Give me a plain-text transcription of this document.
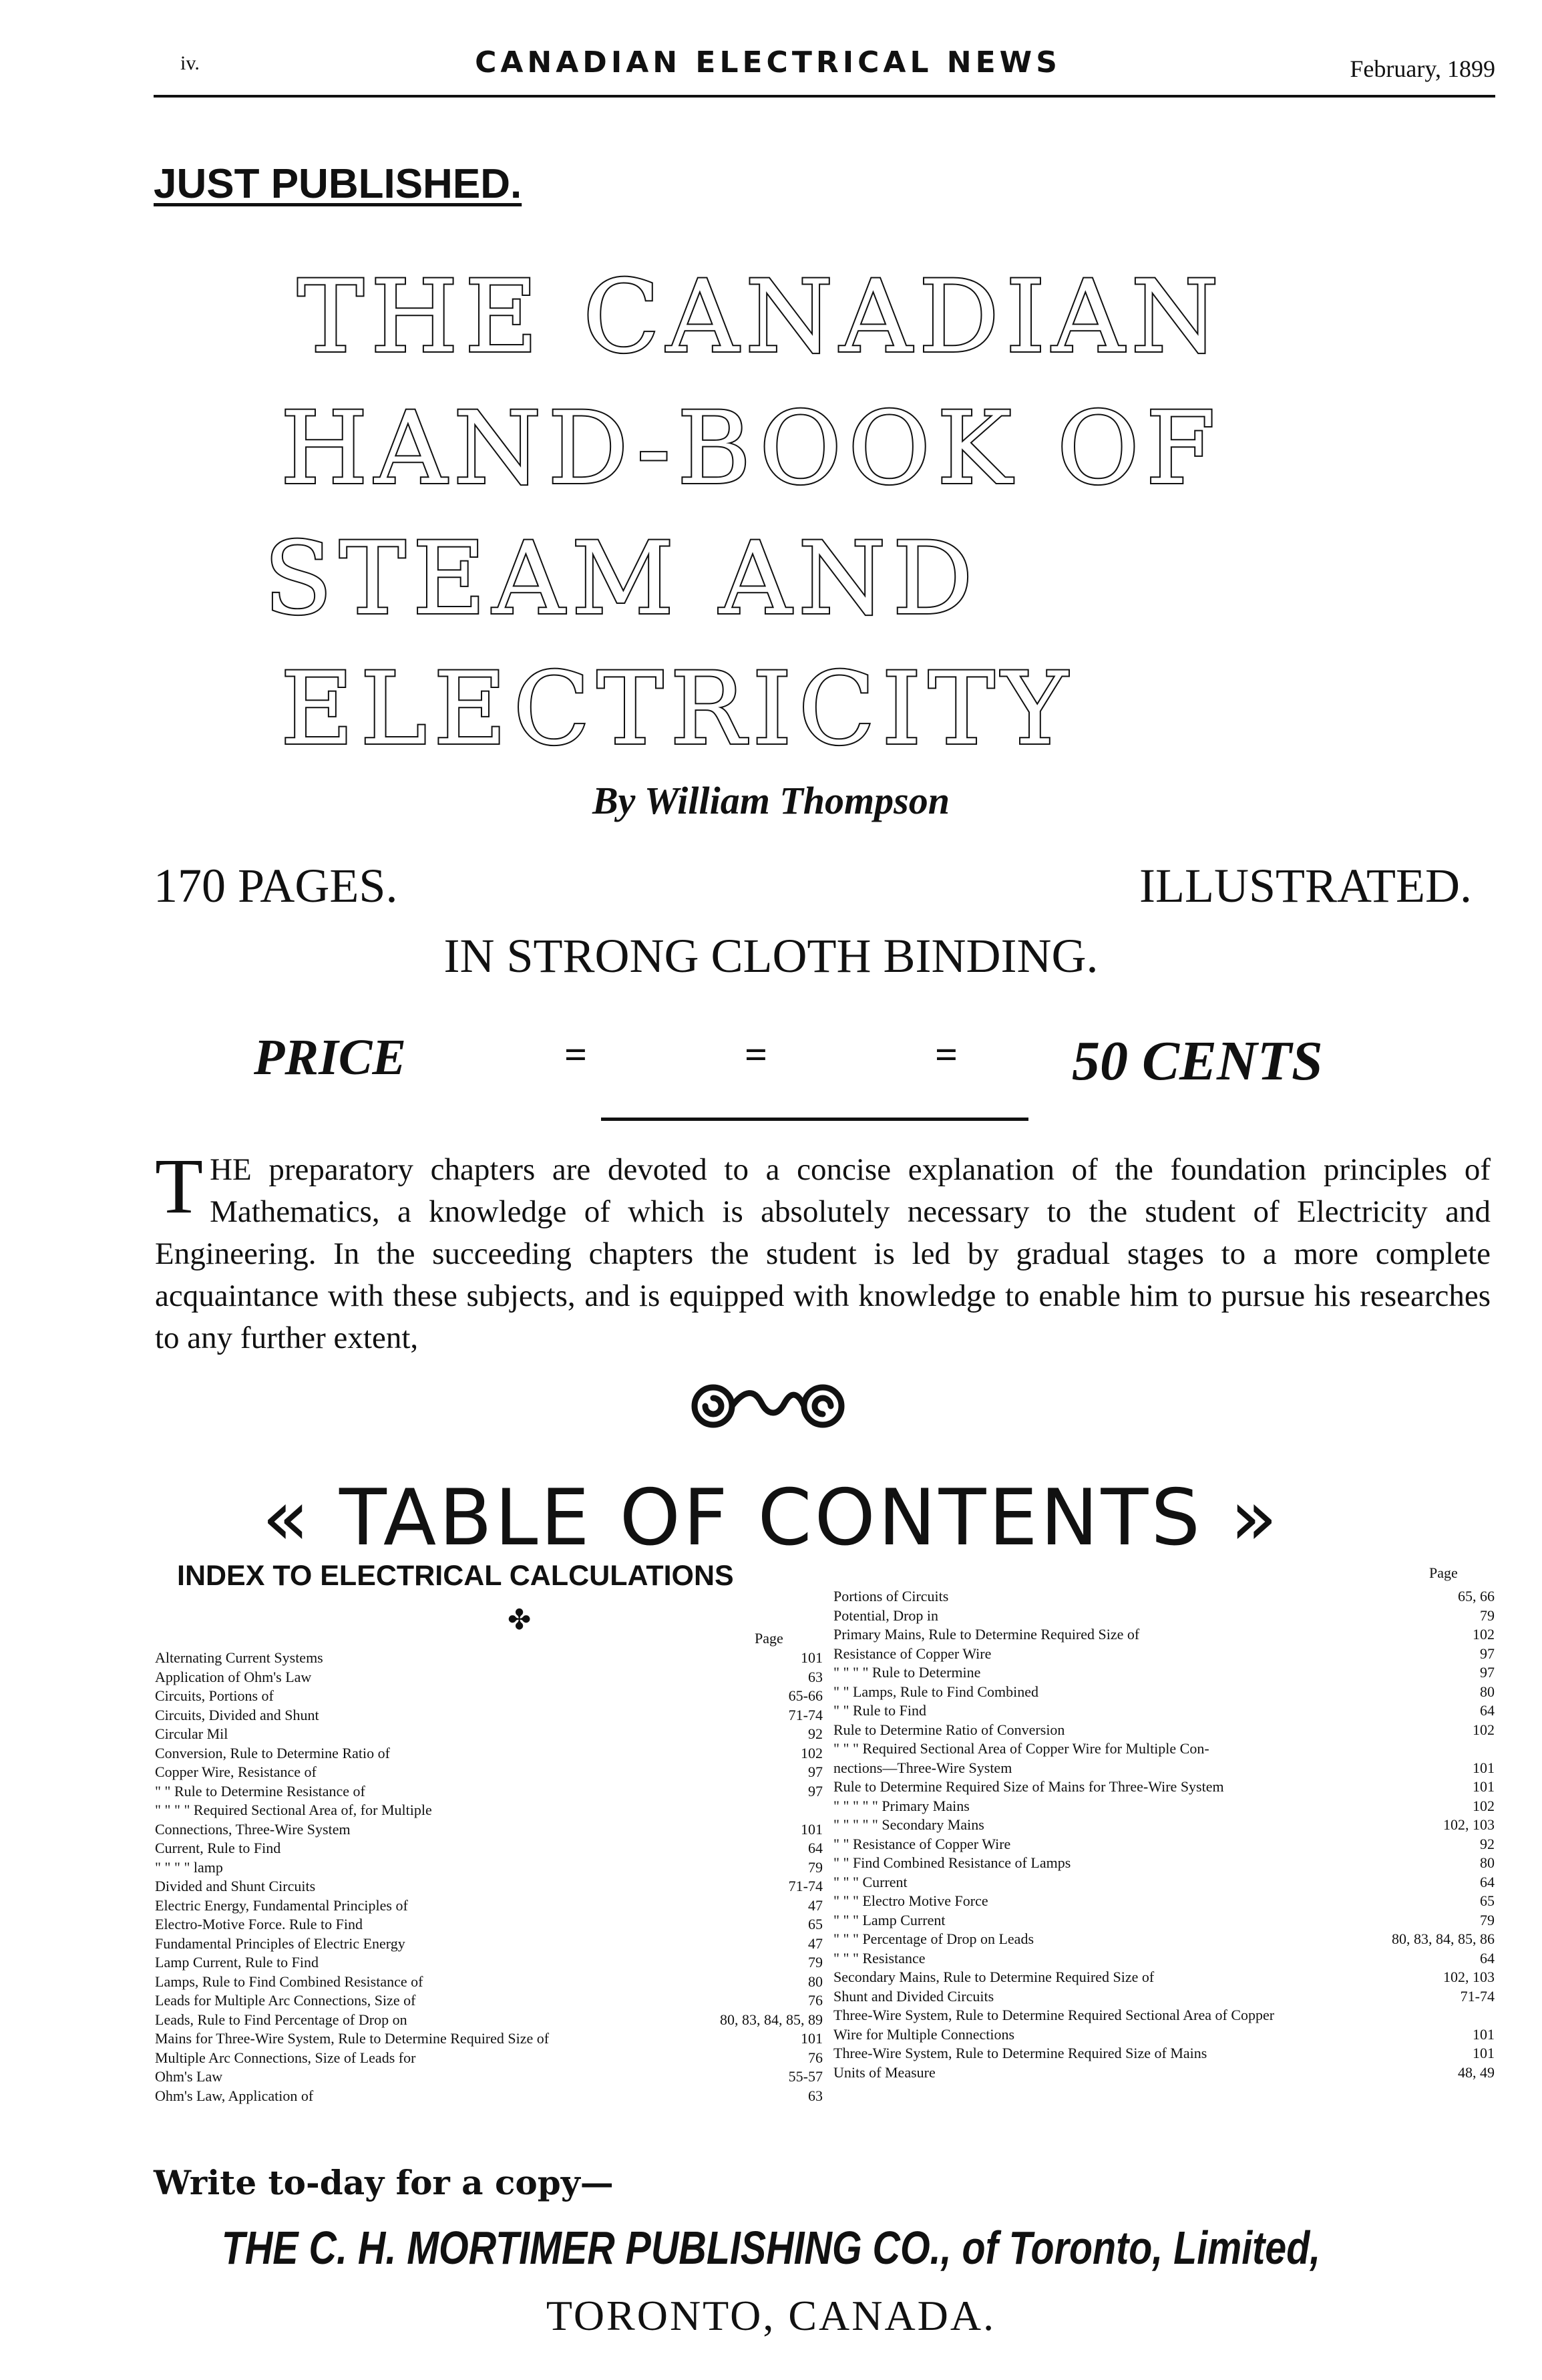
iv.	CANADIAN ELECTRICAL NEWS	February, 1899
JUST PUBLISHED.
THE CANADIAN
HAND-BOOK OF
STEAM AND
ELECTRICITY
By William Thompson
170 PAGES.	ILLUSTRATED.
IN STRONG CLOTH BINDING.
PRICE	=	=	= 50 CENTS
THE preparatory chapters are devoted to a concise explanation of the foundation principles of Mathematics, a knowledge of which is absolutely necessary to the student of Electricity and Engineering. In the succeeding chapters the student is led by gradual stages to a more complete acquaintance with these subjects, and is equipped with knowledge to enable him to pursue his researches to any further extent,
« TABLE OF CONTENTS »
INDEX TO ELECTRICAL CALCULATIONS
✤
Page
Page
Alternating Current Systems	101
Application of Ohm's Law	63
Circuits, Portions of	65-66
Circuits, Divided and Shunt	71-74
Circular Mil	92
Conversion, Rule to Determine Ratio of	102
Copper Wire, Resistance of	97
" " Rule to Determine Resistance of	97
" " " " Required Sectional Area of, for Multiple
Connections, Three-Wire System	101
Current, Rule to Find	64
" " " " lamp	79
Divided and Shunt Circuits	71-74
Electric Energy, Fundamental Principles of	47
Electro-Motive Force. Rule to Find	65
Fundamental Principles of Electric Energy	47
Lamp Current, Rule to Find	79
Lamps, Rule to Find Combined Resistance of	80
Leads for Multiple Arc Connections, Size of	76
Leads, Rule to Find Percentage of Drop on	80, 83, 84, 85, 89
Mains for Three-Wire System, Rule to Determine Required Size of	101
Multiple Arc Connections, Size of Leads for	76
Ohm's Law	55-57
Ohm's Law, Application of	63
Portions of Circuits	65, 66
Potential, Drop in	79
Primary Mains, Rule to Determine Required Size of	102
Resistance of Copper Wire	97
" " " " Rule to Determine	97
" " Lamps, Rule to Find Combined	80
" " Rule to Find	64
Rule to Determine Ratio of Conversion	102
" " " Required Sectional Area of Copper Wire for Multiple Con-
nections—Three-Wire System	101
Rule to Determine Required Size of Mains for Three-Wire System	101
" " " " " Primary Mains	102
" " " " " Secondary Mains	102, 103
" " Resistance of Copper Wire	92
" " Find Combined Resistance of Lamps	80
" " " Current	64
" " " Electro Motive Force	65
" " " Lamp Current	79
" " " Percentage of Drop on Leads	80, 83, 84, 85, 86
" " " Resistance	64
Secondary Mains, Rule to Determine Required Size of	102, 103
Shunt and Divided Circuits	71-74
Three-Wire System, Rule to Determine Required Sectional Area of Copper
Wire for Multiple Connections	101
Three-Wire System, Rule to Determine Required Size of Mains	101
Units of Measure	48, 49
Write to-day for a copy—
THE C. H. MORTIMER PUBLISHING CO., of Toronto, Limited,
TORONTO, CANADA.
